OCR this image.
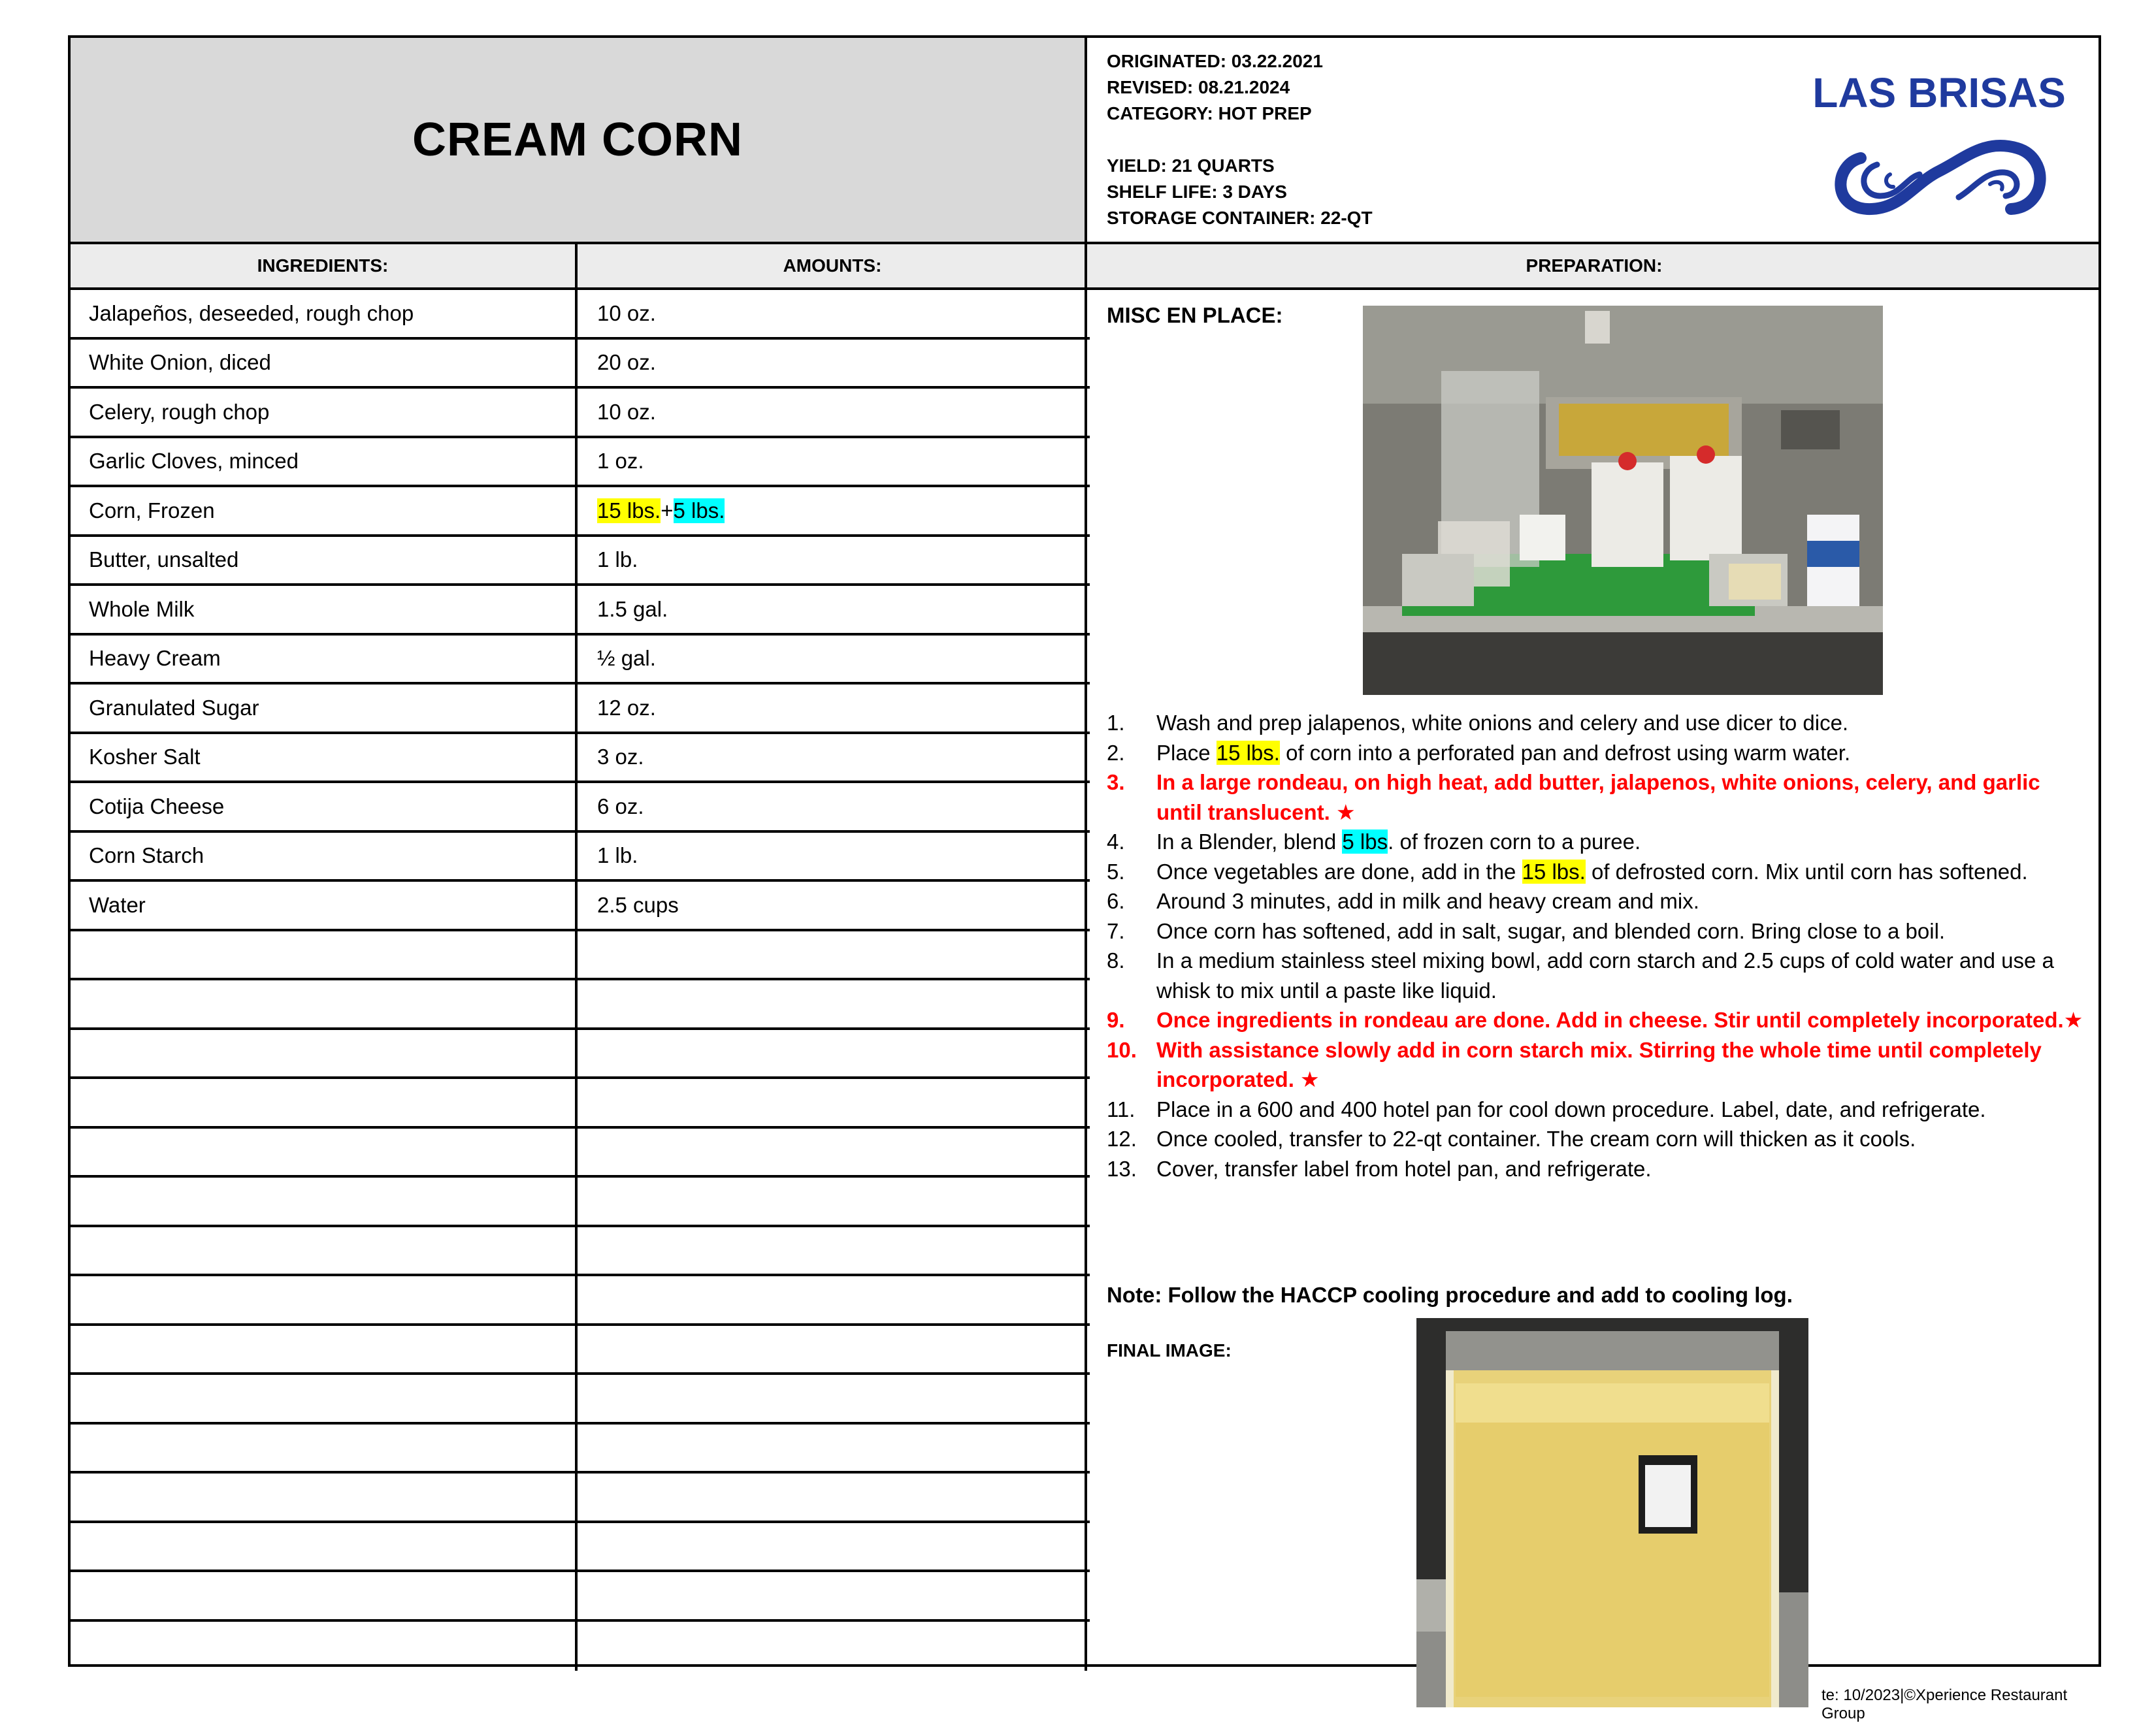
CREAM CORN
ORIGINATED: 03.22.2021
REVISED: 08.21.2024
CATEGORY: HOT PREP
YIELD: 21 QUARTS
SHELF LIFE: 3 DAYS
STORAGE CONTAINER: 22-QT
LAS BRISAS
INGREDIENTS:	AMOUNTS:	PREPARATION:
Jalapeños, deseeded, rough chop	10 oz.
White Onion, diced	20 oz.
Celery, rough chop	10 oz.
Garlic Cloves, minced	1 oz.
Corn, Frozen	15 lbs. + 5 lbs.
Butter, unsalted	1 lb.
Whole Milk	1.5 gal.
Heavy Cream	½ gal.
Granulated Sugar	12 oz.
Kosher Salt	3 oz.
Cotija Cheese	6 oz.
Corn Starch	1 lb.
Water	2.5 cups
MISC EN PLACE:
1.	Wash and prep jalapenos, white onions and celery and use dicer to dice.
2.	Place 15 lbs. of corn into a perforated pan and defrost using warm water.
3.	In a large rondeau, on high heat, add butter, jalapenos, white onions, celery, and garlic until translucent. ★
4.	In a Blender, blend 5 lbs. of frozen corn to a puree.
5.	Once vegetables are done, add in the 15 lbs. of defrosted corn. Mix until corn has softened.
6.	Around 3 minutes, add in milk and heavy cream and mix.
7.	Once corn has softened, add in salt, sugar, and blended corn. Bring close to a boil.
8.	In a medium stainless steel mixing bowl, add corn starch and 2.5 cups of cold water and use a whisk to mix until a paste like liquid.
9.	Once ingredients in rondeau are done. Add in cheese. Stir until completely incorporated.★
10. With assistance slowly add in corn starch mix. Stirring the whole time until completely incorporated. ★
11. Place in a 600 and 400 hotel pan for cool down procedure. Label, date, and refrigerate.
12. Once cooled, transfer to 22-qt container. The cream corn will thicken as it cools.
13. Cover, transfer label from hotel pan, and refrigerate.
Note: Follow the HACCP cooling procedure and add to cooling log.
FINAL IMAGE:
te: 10/2023|©Xperience Restaurant Group
